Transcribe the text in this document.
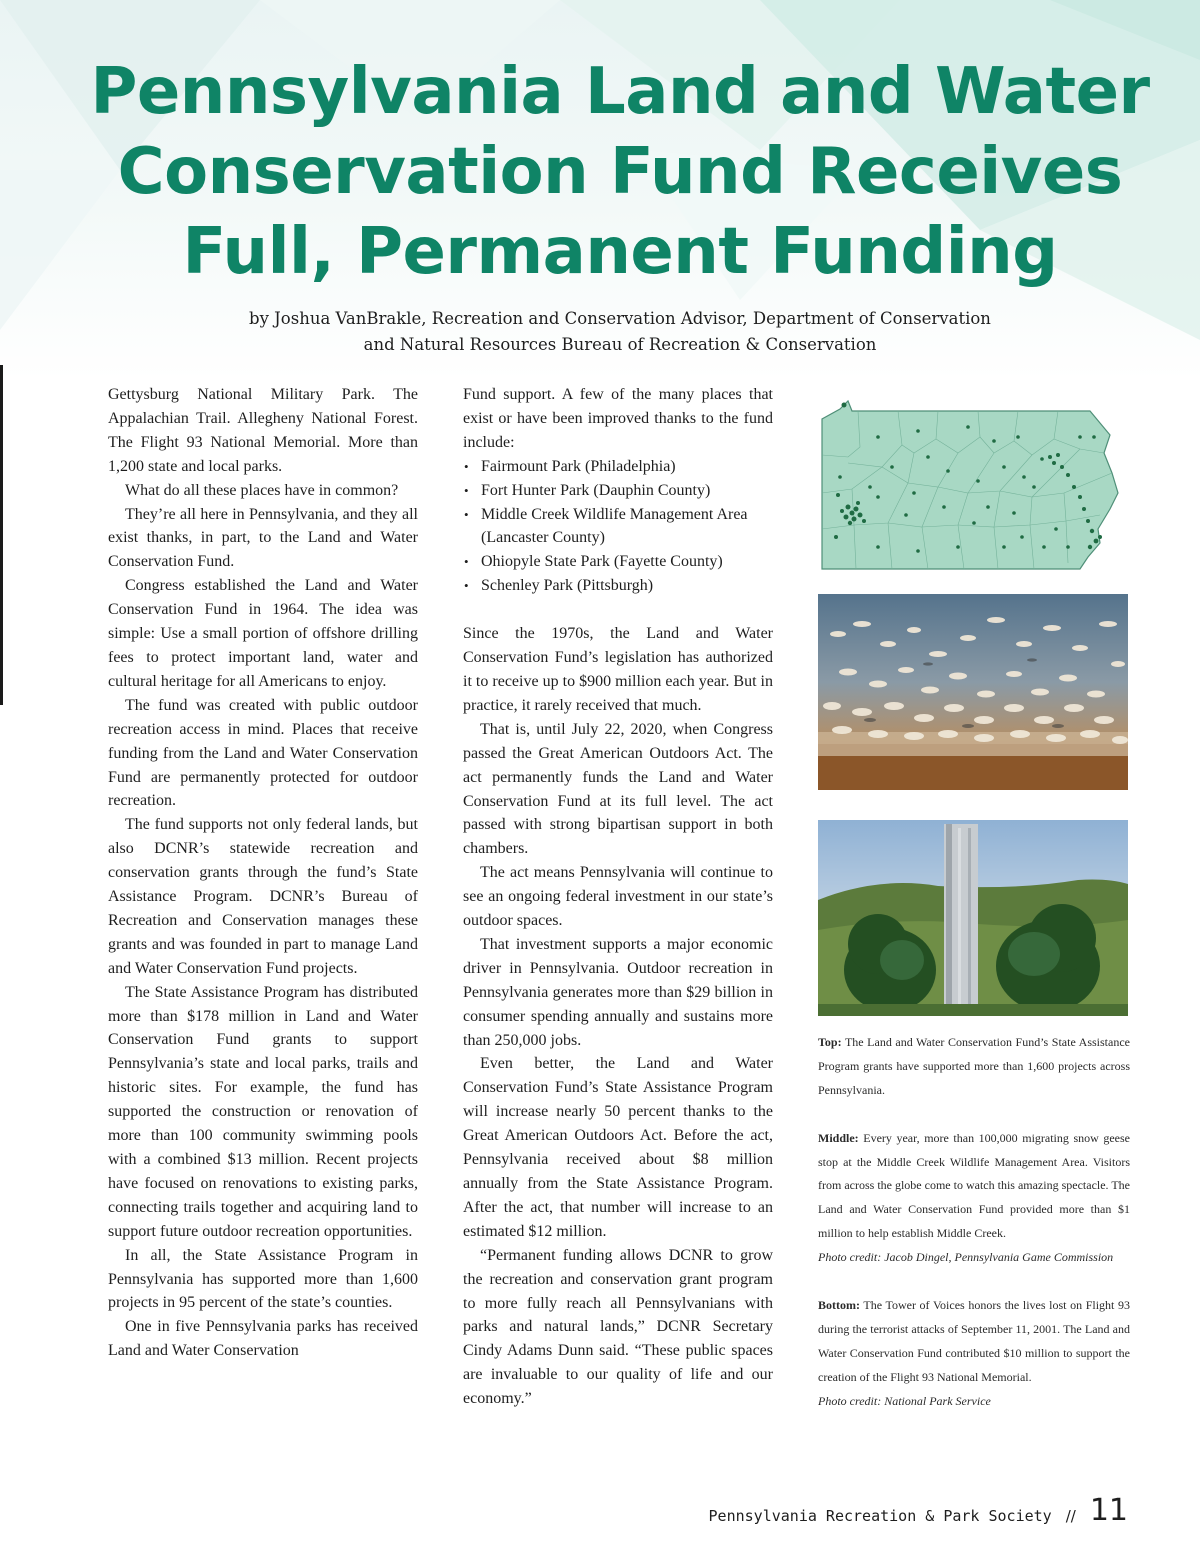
Pennsylvania Land and Water Conservation Fund Receives Full, Permanent Funding
by Joshua VanBrakle, Recreation and Conservation Advisor, Department of Conservation
and Natural Resources Bureau of Recreation & Conservation

Gettysburg National Military Park. The Appalachian Trail. Allegheny National Forest. The Flight 93 National Memorial. More than 1,200 state and local parks.

What do all these places have in common?

They’re all here in Pennsylvania, and they all exist thanks, in part, to the Land and Water Conservation Fund.

Congress established the Land and Water Conservation Fund in 1964. The idea was simple: Use a small portion of offshore drilling fees to protect important land, water and cultural heritage for all Americans to enjoy.

The fund was created with public outdoor recreation access in mind. Places that receive funding from the Land and Water Conservation Fund are permanently protected for outdoor recreation.

The fund supports not only federal lands, but also DCNR’s statewide recreation and conservation grants through the fund’s State Assistance Program. DCNR’s Bureau of Recreation and Conservation manages these grants and was founded in part to manage Land and Water Conservation Fund projects.

The State Assistance Program has distributed more than $178 million in Land and Water Conservation Fund grants to support Pennsylvania’s state and local parks, trails and historic sites. For example, the fund has supported the construction or renovation of more than 100 community swimming pools with a combined $13 million. Recent projects have focused on renovations to existing parks, connecting trails together and acquiring land to support future outdoor recreation opportunities.

In all, the State Assistance Program in Pennsylvania has supported more than 1,600 projects in 95 percent of the state’s counties.

One in five Pennsylvania parks has received Land and Water Conservation

Fund support. A few of the many places that exist or have been improved thanks to the fund include:

• Fairmount Park (Philadelphia)
• Fort Hunter Park (Dauphin County)
• Middle Creek Wildlife Management Area (Lancaster County)
• Ohiopyle State Park (Fayette County)
• Schenley Park (Pittsburgh)

Since the 1970s, the Land and Water Conservation Fund’s legislation has authorized it to receive up to $900 million each year. But in practice, it rarely received that much.

That is, until July 22, 2020, when Congress passed the Great American Outdoors Act. The act permanently funds the Land and Water Conservation Fund at its full level. The act passed with strong bipartisan support in both chambers.

The act means Pennsylvania will continue to see an ongoing federal investment in our state’s outdoor spaces.

That investment supports a major economic driver in Pennsylvania. Outdoor recreation in Pennsylvania generates more than $29 billion in consumer spending annually and sustains more than 250,000 jobs.

Even better, the Land and Water Conservation Fund’s State Assistance Program will increase nearly 50 percent thanks to the Great American Outdoors Act. Before the act, Pennsylvania received about $8 million annually from the State Assistance Program. After the act, that number will increase to an estimated $12 million.

“Permanent funding allows DCNR to grow the recreation and conservation grant program to more fully reach all Pennsylvanians with parks and natural lands,” DCNR Secretary Cindy Adams Dunn said. “These public spaces are invaluable to our quality of life and our economy.”

Top: The Land and Water Conservation Fund’s State Assistance Program grants have supported more than 1,600 projects across Pennsylvania.

Middle: Every year, more than 100,000 migrating snow geese stop at the Middle Creek Wildlife Management Area. Visitors from across the globe come to watch this amazing spectacle. The Land and Water Conservation Fund provided more than $1 million to help establish Middle Creek.
Photo credit: Jacob Dingel, Pennsylvania Game Commission

Bottom: The Tower of Voices honors the lives lost on Flight 93 during the terrorist attacks of September 11, 2001. The Land and Water Conservation Fund contributed $10 million to support the creation of the Flight 93 National Memorial.
Photo credit: National Park Service

Pennsylvania Recreation & Park Society // 11
